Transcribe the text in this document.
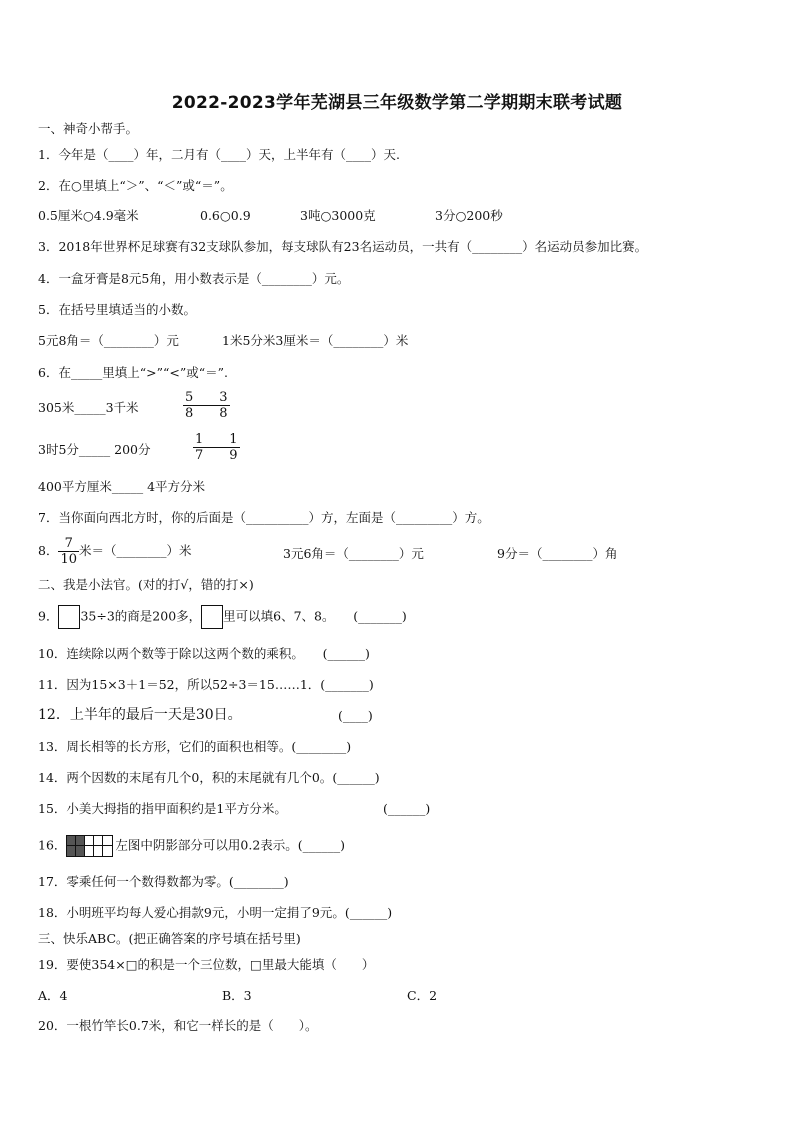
2022-2023学年芜湖县三年级数学第二学期期末联考试题
一、神奇小帮手。
1．今年是（____）年，二月有（____）天，上半年有（____）天.
2．在○里填上“＞”、“＜”或“＝”。
0.5厘米○4.9毫米	0.6○0.9	3吨○3000克	3分○200秒
3．2018年世界杯足球赛有32支球队参加，每支球队有23名运动员，一共有（________）名运动员参加比赛。
4．一盒牙膏是8元5角，用小数表示是（________）元。
5．在括号里填适当的小数。
5元8角＝（________）元	1米5分米3厘米＝（________）米
6．在_____里填上“>”“<”或“＝”.
305米_____3千米	$\frac{5}{8} \frac{3}{8}$
3时5分_____ 200分	$\frac{1}{7} \frac{1}{9}$
400平方厘米_____ 4平方分米
7．当你面向西北方时，你的后面是（__________）方，左面是（_________）方。
8． $\frac{7}{10}$ 米＝（________）米	3元6角＝（________）元	9分＝（________）角
二、我是小法官。(对的打√，错的打×)
9． 35÷3的商是200多， 里可以填6、7、8。　　(_______)
10．连续除以两个数等于除以这两个数的乘积。　　(______)
11．因为15×3＋1＝52，所以52÷3＝15……1．(_______)
12．上半年的最后一天是30日。	(____)
13．周长相等的长方形，它们的面积也相等。(________)
14．两个因数的末尾有几个0，积的末尾就有几个0。(______)
15．小美大拇指的指甲面积约是1平方分米。	(______)
16．	左图中阴影部分可以用0.2表示。(______)
17．零乘任何一个数得数都为零。(________)
18．小明班平均每人爱心捐款9元，小明一定捐了9元。(______)
三、快乐ABC。(把正确答案的序号填在括号里)
19．要使354×□的积是一个三位数，□里最大能填（　　）
A．4	B．3	C．2
20．一根竹竿长0.7米，和它一样长的是（　　）。
